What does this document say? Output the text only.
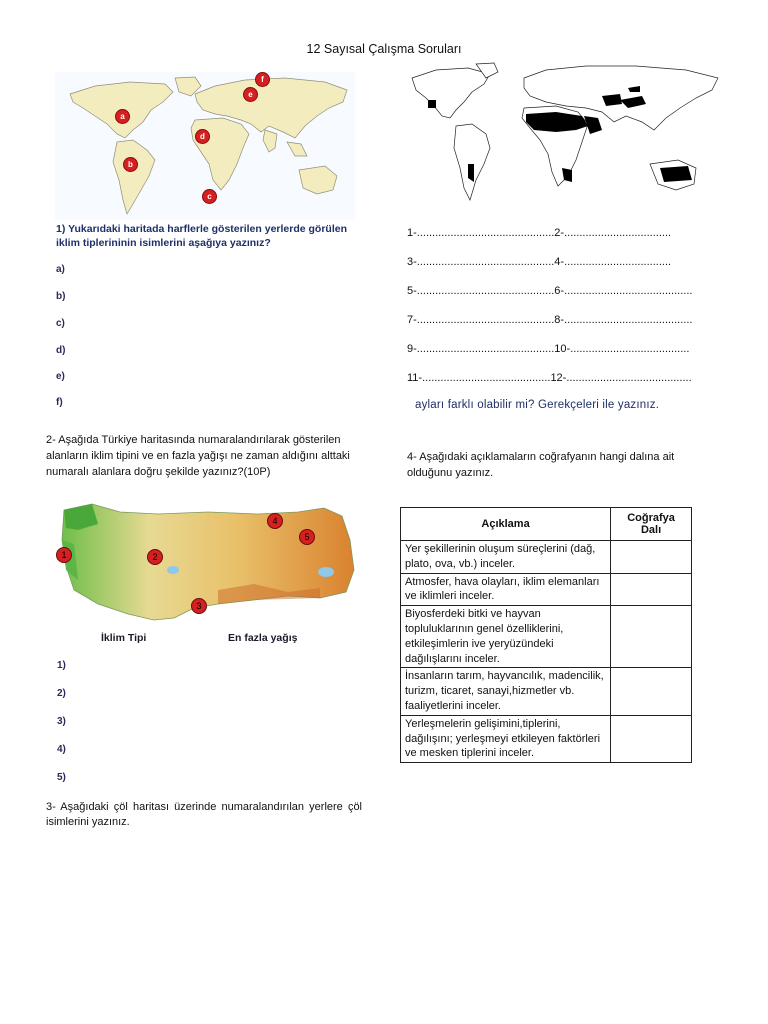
12 Sayısal Çalışma Soruları
f
e
a
d
b
c
1) Yukarıdaki haritada harflerle gösterilen yerlerde görülen iklim tiplerininin isimlerini aşağıya yazınız?
a)
b)
c)
d)
e)
f)
1-.............................................2-...................................
3-.............................................4-...................................
5-.............................................6-..........................................
7-.............................................8-..........................................
9-.............................................10-.......................................
11-..........................................12-.........................................
ayları farklı olabilir mi? Gerekçeleri ile yazınız.
2- Aşağıda Türkiye haritasında numaralandırılarak gösterilen alanların iklim tipini ve en fazla yağışı ne zaman aldığını alttaki numaralı alanlara doğru şekilde yazınız?(10P)
1	2
3
4
5
İklim Tipi	En fazla yağış
1)
2)
3)
4)
5)
3- Aşağıdaki çöl haritası üzerinde numaralandırılan yerlere çöl isimlerini yazınız.
4- Aşağıdaki açıklamaların coğrafyanın hangi dalına ait olduğunu yazınız.
Açıklama	Coğrafya Dalı
Yer şekillerinin oluşum süreçlerini (dağ, plato, ova, vb.) inceler.	
Atmosfer, hava olayları, iklim elemanları ve iklimleri inceler.	
Biyosferdeki bitki ve hayvan topluluklarının genel özelliklerini, etkileşimlerin ive yeryüzündeki dağılışlarını inceler.	
İnsanların tarım, hayvancılık, madencilik, turizm, ticaret, sanayi,hizmetler vb. faaliyetlerini inceler.	
Yerleşmelerin gelişimini,tiplerini, dağılışını; yerleşmeyi etkileyen faktörleri ve mesken tiplerini inceler.	
